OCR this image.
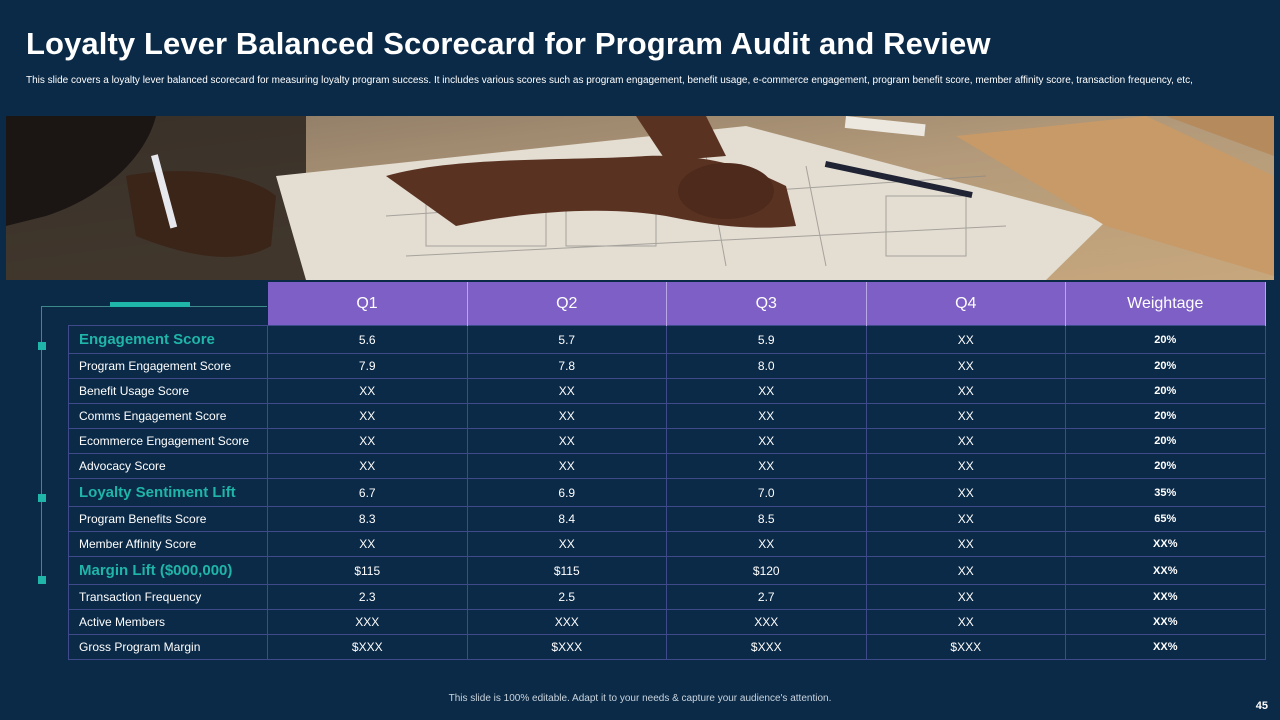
Loyalty Lever Balanced Scorecard for Program Audit and Review

This slide covers a loyalty lever balanced scorecard for measuring loyalty program success. It includes various scores such as program engagement, benefit usage, e-commerce engagement, program benefit score, member affinity score, transaction frequency, etc,

	Q1	Q2	Q3	Q4	Weightage
Engagement Score	5.6	5.7	5.9	XX	20%
Program Engagement Score	7.9	7.8	8.0	XX	20%
Benefit Usage Score	XX	XX	XX	XX	20%
Comms Engagement Score	XX	XX	XX	XX	20%
Ecommerce Engagement Score	XX	XX	XX	XX	20%
Advocacy Score	XX	XX	XX	XX	20%
Loyalty Sentiment Lift	6.7	6.9	7.0	XX	35%
Program Benefits Score	8.3	8.4	8.5	XX	65%
Member Affinity Score	XX	XX	XX	XX	XX%
Margin Lift ($000,000)	$115	$115	$120	XX	XX%
Transaction Frequency	2.3	2.5	2.7	XX	XX%
Active Members	XXX	XXX	XXX	XX	XX%
Gross Program Margin	$XXX	$XXX	$XXX	$XXX	XX%
This slide is 100% editable. Adapt it to your needs & capture your audience's attention.
45
